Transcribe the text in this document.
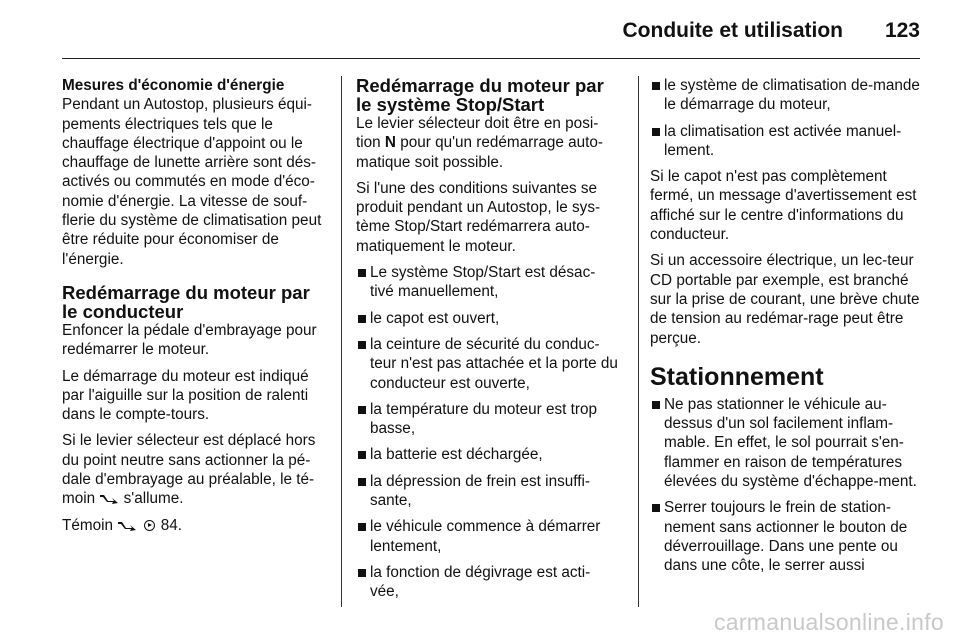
Conduite et utilisation 123

Mesures d'économie d'énergie

Pendant un Autostop, plusieurs équi-pements électriques tels que le chauffage électrique d'appoint ou le chauffage de lunette arrière sont dés-activés ou commutés en mode d'éco-nomie d'énergie. La vitesse de souf-flerie du système de climatisation peut être réduite pour économiser de l'énergie.

Redémarrage du moteur par le conducteur

Enfoncer la pédale d'embrayage pour redémarrer le moteur.

Le démarrage du moteur est indiqué par l'aiguille sur la position de ralenti dans le compte-tours.

Si le levier sélecteur est déplacé hors du point neutre sans actionner la pé-dale d'embrayage au préalable, le té-moin s'allume.

Témoin	84.

Redémarrage du moteur par le système Stop/Start

Le levier sélecteur doit être en posi-tion N pour qu'un redémarrage auto-matique soit possible.

Si l'une des conditions suivantes se produit pendant un Autostop, le sys-tème Stop/Start redémarrera auto-matiquement le moteur.

Le système Stop/Start est désac-tivé manuellement,
le capot est ouvert,
la ceinture de sécurité du conduc-teur n'est pas attachée et la porte du conducteur est ouverte,
la température du moteur est trop basse,
la batterie est déchargée,
la dépression de frein est insuffi-sante,
le véhicule commence à démarrer lentement,
la fonction de dégivrage est acti-vée,
le système de climatisation de-mande le démarrage du moteur,
la climatisation est activée manuel-lement.

Si le capot n'est pas complètement fermé, un message d'avertissement est affiché sur le centre d'informations du conducteur.

Si un accessoire électrique, un lec-teur CD portable par exemple, est branché sur la prise de courant, une brève chute de tension au redémar-rage peut être perçue.

Stationnement
Ne pas stationner le véhicule au-dessus d'un sol facilement inflam-mable. En effet, le sol pourrait s'en-flammer en raison de températures élevées du système d'échappe-ment.
Serrer toujours le frein de station-nement sans actionner le bouton de déverrouillage. Dans une pente ou dans une côte, le serrer aussi
carmanualsonline.info
